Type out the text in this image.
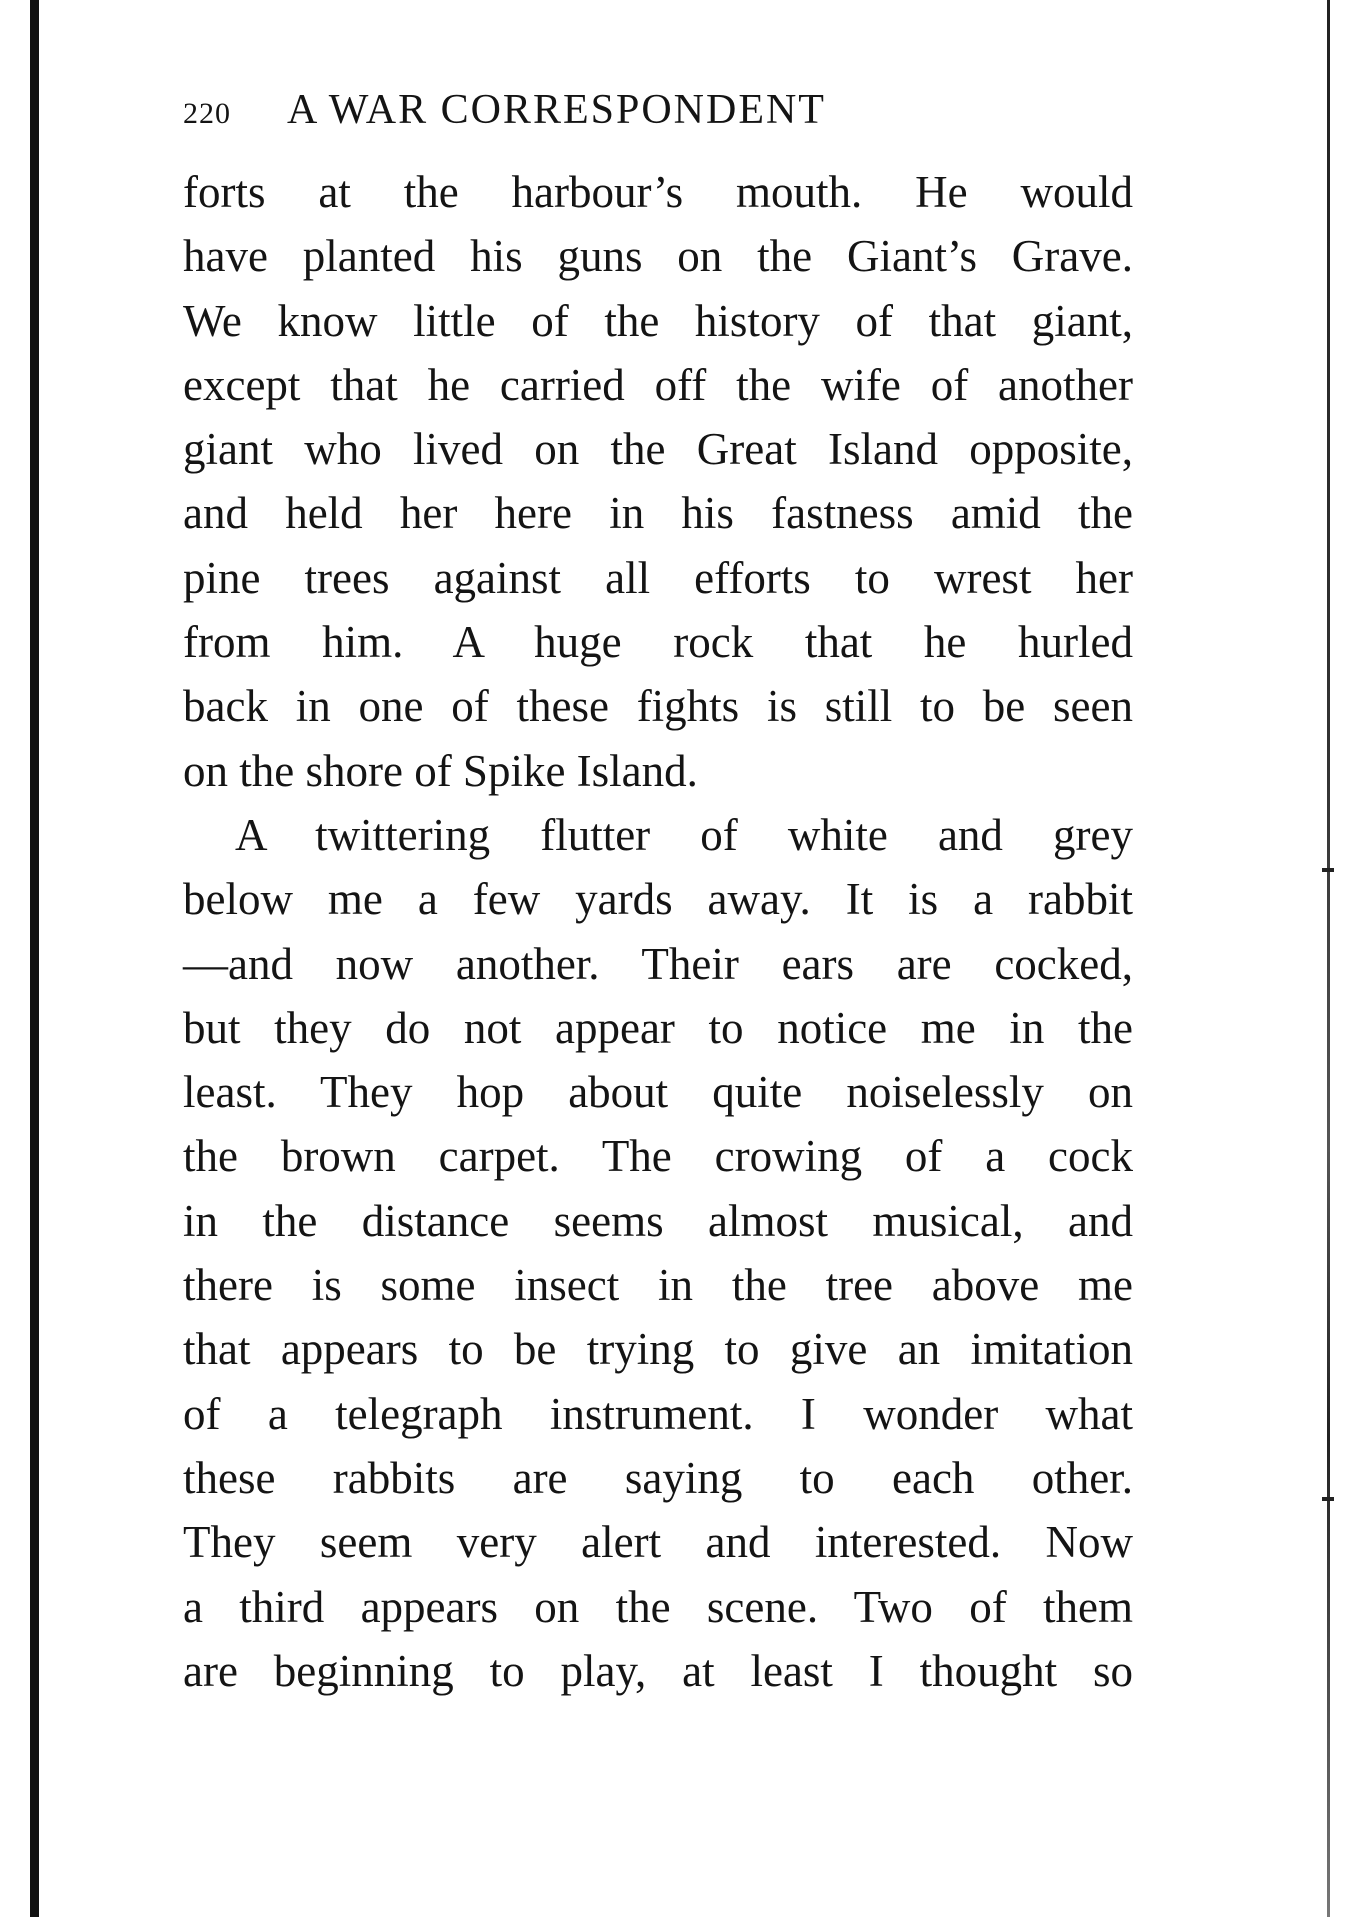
220 A WAR CORRESPONDENT
forts at the harbour’s mouth. He would
have planted his guns on the Giant’s Grave.
We know little of the history of that giant,
except that he carried off the wife of another
giant who lived on the Great Island opposite,
and held her here in his fastness amid the
pine trees against all efforts to wrest her
from him. A huge rock that he hurled
back in one of these fights is still to be seen
on the shore of Spike Island.
A twittering flutter of white and grey
below me a few yards away. It is a rabbit
—and now another. Their ears are cocked,
but they do not appear to notice me in the
least. They hop about quite noiselessly on
the brown carpet. The crowing of a cock
in the distance seems almost musical, and
there is some insect in the tree above me
that appears to be trying to give an imitation
of a telegraph instrument. I wonder what
these rabbits are saying to each other.
They seem very alert and interested. Now
a third appears on the scene. Two of them
are beginning to play, at least I thought so
